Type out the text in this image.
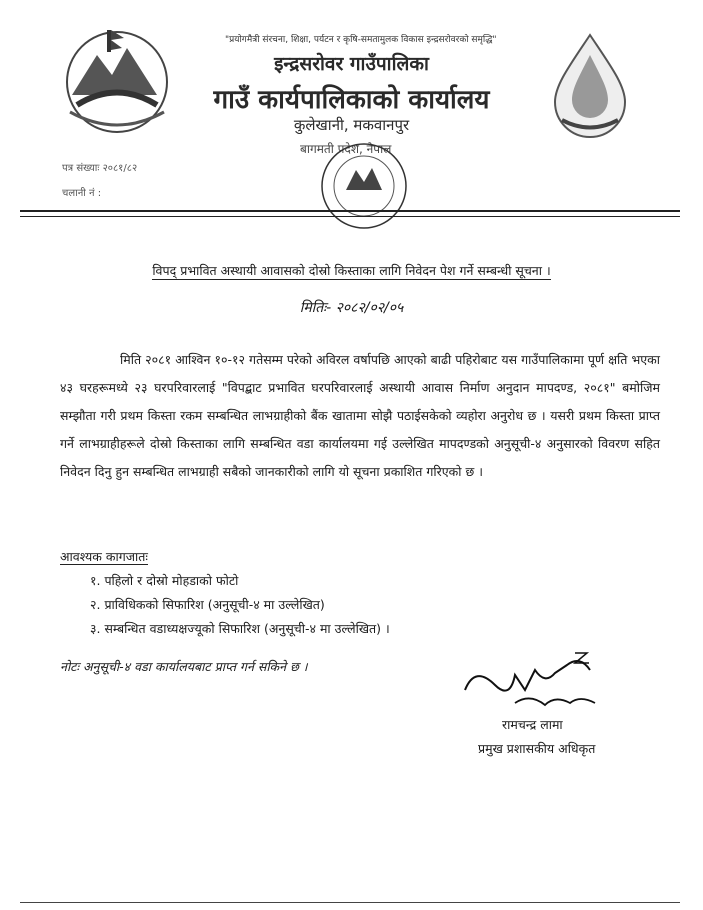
"प्रयोगमैत्री संरचना, शिक्षा, पर्यटन र कृषि-समतामुलक विकास इन्द्रसरोवरको समृद्धि"
इन्द्रसरोवर गाउँपालिका
गाउँ कार्यपालिकाको कार्यालय
कुलेखानी, मकवानपुर
बागमती प्रदेश, नेपाल
पत्र संख्याः २०८१/८२
चलानी नं :
विपद् प्रभावित अस्थायी आवासको दोस्रो किस्ताका लागि निवेदन पेश गर्ने सम्बन्धी सूचना ।
मितिः- २०८२/०२/०५
मिति २०८१ आश्विन १०-१२ गतेसम्म परेको अविरल वर्षापछि आएको बाढी पहिरोबाट यस गाउँपालिकामा पूर्ण क्षति भएका ४३ घरहरूमध्ये २३ घरपरिवारलाई "विपद्बाट प्रभावित घरपरिवारलाई अस्थायी आवास निर्माण अनुदान मापदण्ड, २०८१" बमोजिम सम्झौता गरी प्रथम किस्ता रकम सम्बन्धित लाभग्राहीको बैंक खातामा सोझै पठाईसकेको व्यहोरा अनुरोध छ । यसरी प्रथम किस्ता प्राप्त गर्ने लाभग्राहीहरूले दोस्रो किस्ताका लागि सम्बन्धित वडा कार्यालयमा गई उल्लेखित मापदण्डको अनुसूची-४ अनुसारको विवरण सहित निवेदन दिनु हुन सम्बन्धित लाभग्राही सबैको जानकारीको लागि यो सूचना प्रकाशित गरिएको छ ।
आवश्यक कागजातः
१. पहिलो र दोस्रो मोहडाको फोटो
२. प्राविधिकको सिफारिश (अनुसूची-४ मा उल्लेखित)
३. सम्बन्धित वडाध्यक्षज्यूको सिफारिश (अनुसूची-४ मा उल्लेखित) ।
नोटः अनुसूची-४ वडा कार्यालयबाट प्राप्त गर्न सकिने छ ।
रामचन्द्र लामा
प्रमुख प्रशासकीय अधिकृत
